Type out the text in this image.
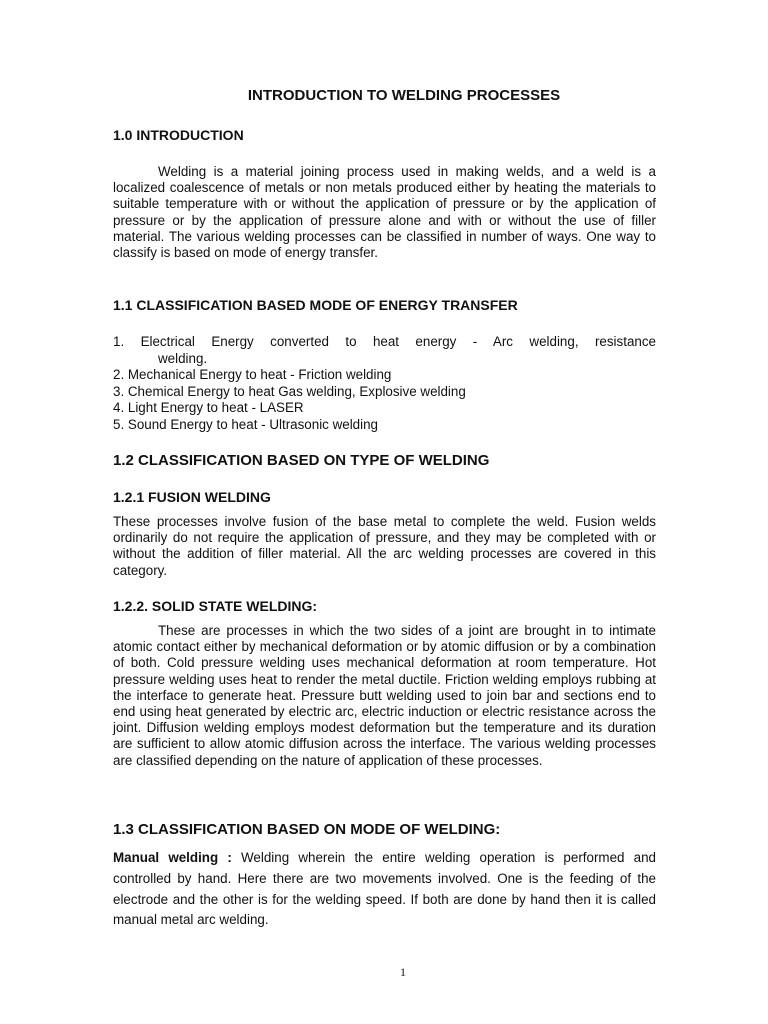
INTRODUCTION TO WELDING PROCESSES
1.0 INTRODUCTION
Welding is a material joining process used in making welds, and a weld is a localized coalescence of metals or non metals produced either by heating the materials to suitable temperature with or without the application of pressure or by the application of pressure or by the application of pressure alone and with or without the use of filler material. The various welding processes can be classified in number of ways. One way to classify is based on mode of energy transfer.
1.1 CLASSIFICATION BASED MODE OF ENERGY TRANSFER
1. Electrical Energy converted to heat energy - Arc welding, resistance
welding.
2. Mechanical Energy to heat - Friction welding
3. Chemical Energy to heat Gas welding, Explosive welding
4. Light Energy to heat - LASER
5. Sound Energy to heat - Ultrasonic welding
1.2 CLASSIFICATION BASED ON TYPE OF WELDING
1.2.1 FUSION WELDING
These processes involve fusion of the base metal to complete the weld. Fusion welds ordinarily do not require the application of pressure, and they may be completed with or without the addition of filler material. All the arc welding processes are covered in this category.
1.2.2. SOLID STATE WELDING:
These are processes in which the two sides of a joint are brought in to intimate atomic contact either by mechanical deformation or by atomic diffusion or by a combination of both. Cold pressure welding uses mechanical deformation at room temperature. Hot pressure welding uses heat to render the metal ductile. Friction welding employs rubbing at the interface to generate heat. Pressure butt welding used to join bar and sections end to end using heat generated by electric arc, electric induction or electric resistance across the joint. Diffusion welding employs modest deformation but the temperature and its duration are sufficient to allow atomic diffusion across the interface. The various welding processes are classified depending on the nature of application of these processes.
1.3 CLASSIFICATION BASED ON MODE OF WELDING:
Manual welding : Welding wherein the entire welding operation is performed and controlled by hand. Here there are two movements involved. One is the feeding of the electrode and the other is for the welding speed. If both are done by hand then it is called manual metal arc welding.
1
